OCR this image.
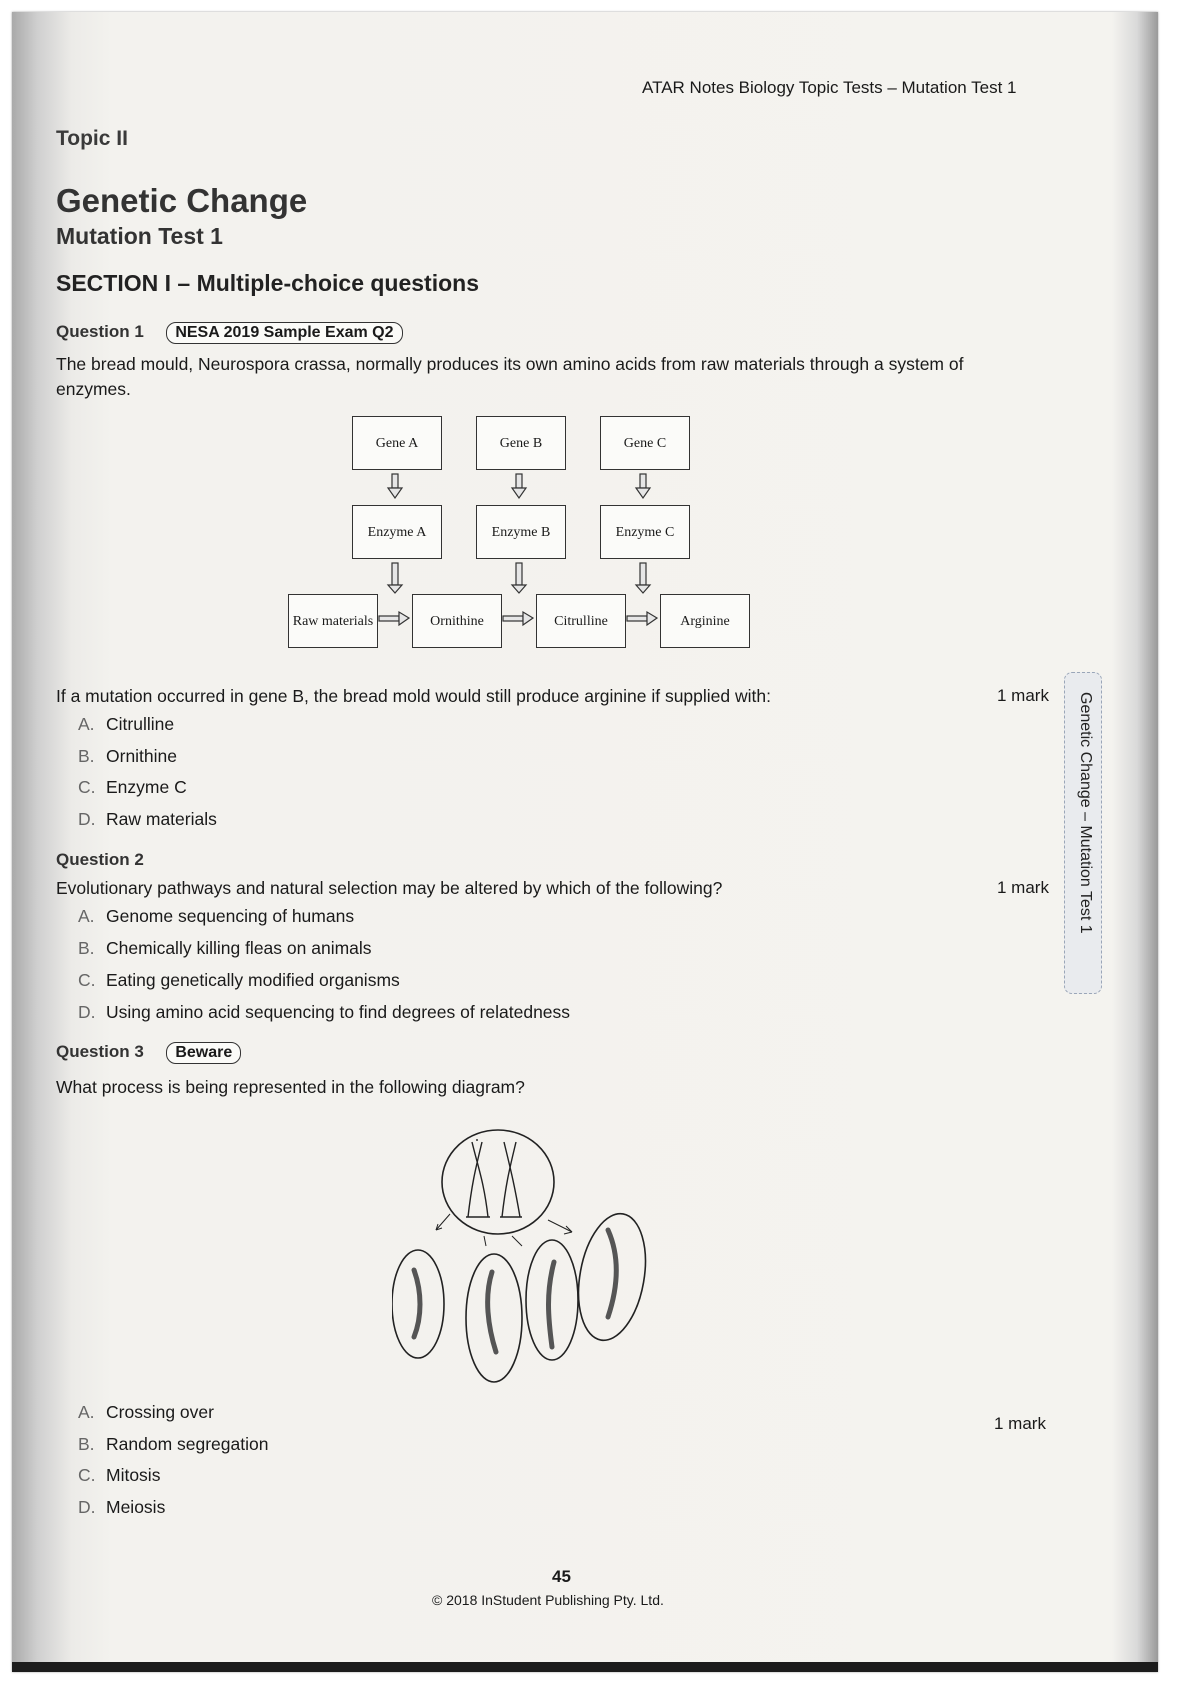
ATAR Notes Biology Topic Tests – Mutation Test 1
Topic II
Genetic Change
Mutation Test 1
SECTION I – Multiple-choice questions
Question 1 NESA 2019 Sample Exam Q2
The bread mould, Neurospora crassa, normally produces its own amino acids from raw materials through a system of enzymes.
Gene A	Gene B	Gene C
Enzyme A	Enzyme B	Enzyme C
Raw materials	Ornithine	Citrulline	Arginine
If a mutation occurred in gene B, the bread mold would still produce arginine if supplied with:	1 mark
A. Citrulline
B. Ornithine
C. Enzyme C
D. Raw materials
Question 2
Evolutionary pathways and natural selection may be altered by which of the following?	1 mark
A. Genome sequencing of humans
B. Chemically killing fleas on animals
C. Eating genetically modified organisms
D. Using amino acid sequencing to find degrees of relatedness
Question 3 Beware
What process is being represented in the following diagram?
A. Crossing over
B. Random segregation
C. Mitosis
D. Meiosis
1 mark
Genetic Change – Mutation Test 1
45
© 2018 InStudent Publishing Pty. Ltd.
